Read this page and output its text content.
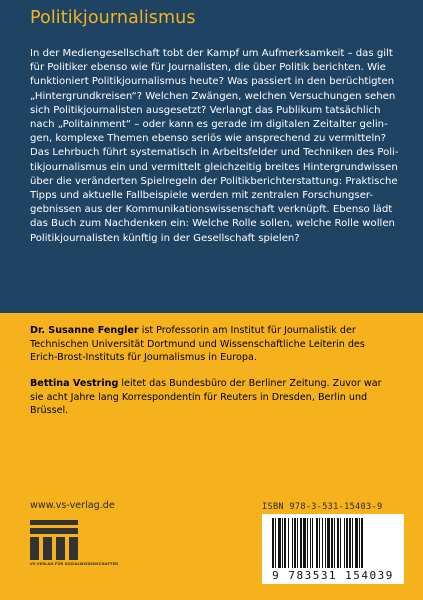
Politikjournalismus
In der Mediengesellschaft tobt der Kampf um Aufmerksamkeit – das gilt
für Politiker ebenso wie für Journalisten, die über Politik berichten. Wie
funktioniert Politikjournalismus heute? Was passiert in den berüchtigten
„Hintergrundkreisen“? Welchen Zwängen, welchen Versuchungen sehen
sich Politikjournalisten ausgesetzt? Verlangt das Publikum tatsächlich
nach „Politainment“ – oder kann es gerade im digitalen Zeitalter gelin-
gen, komplexe Themen ebenso seriös wie ansprechend zu vermitteln?
Das Lehrbuch führt systematisch in Arbeitsfelder und Techniken des Poli-
tikjournalismus ein und vermittelt gleichzeitig breites Hintergrundwissen
über die veränderten Spielregeln der Politikberichterstattung: Praktische
Tipps und aktuelle Fallbeispiele werden mit zentralen Forschungser-
gebnissen aus der Kommunikationswissenschaft verknüpft. Ebenso lädt
das Buch zum Nachdenken ein: Welche Rolle sollen, welche Rolle wollen
Politikjournalisten künftig in der Gesellschaft spielen?
Dr. Susanne Fengler ist Professorin am Institut für Journalistik der
Technischen Universität Dortmund und Wissenschaftliche Leiterin des
Erich-Brost-Instituts für Journalismus in Europa.
Bettina Vestring leitet das Bundesbüro der Berliner Zeitung. Zuvor war
sie acht Jahre lang Korrespondentin für Reuters in Dresden, Berlin und
Brüssel.
www.vs-verlag.de
VS VERLAG FÜR SOZIALWISSENSCHAFTEN
ISBN 978-3-531-15403-9
9 783531 154039
